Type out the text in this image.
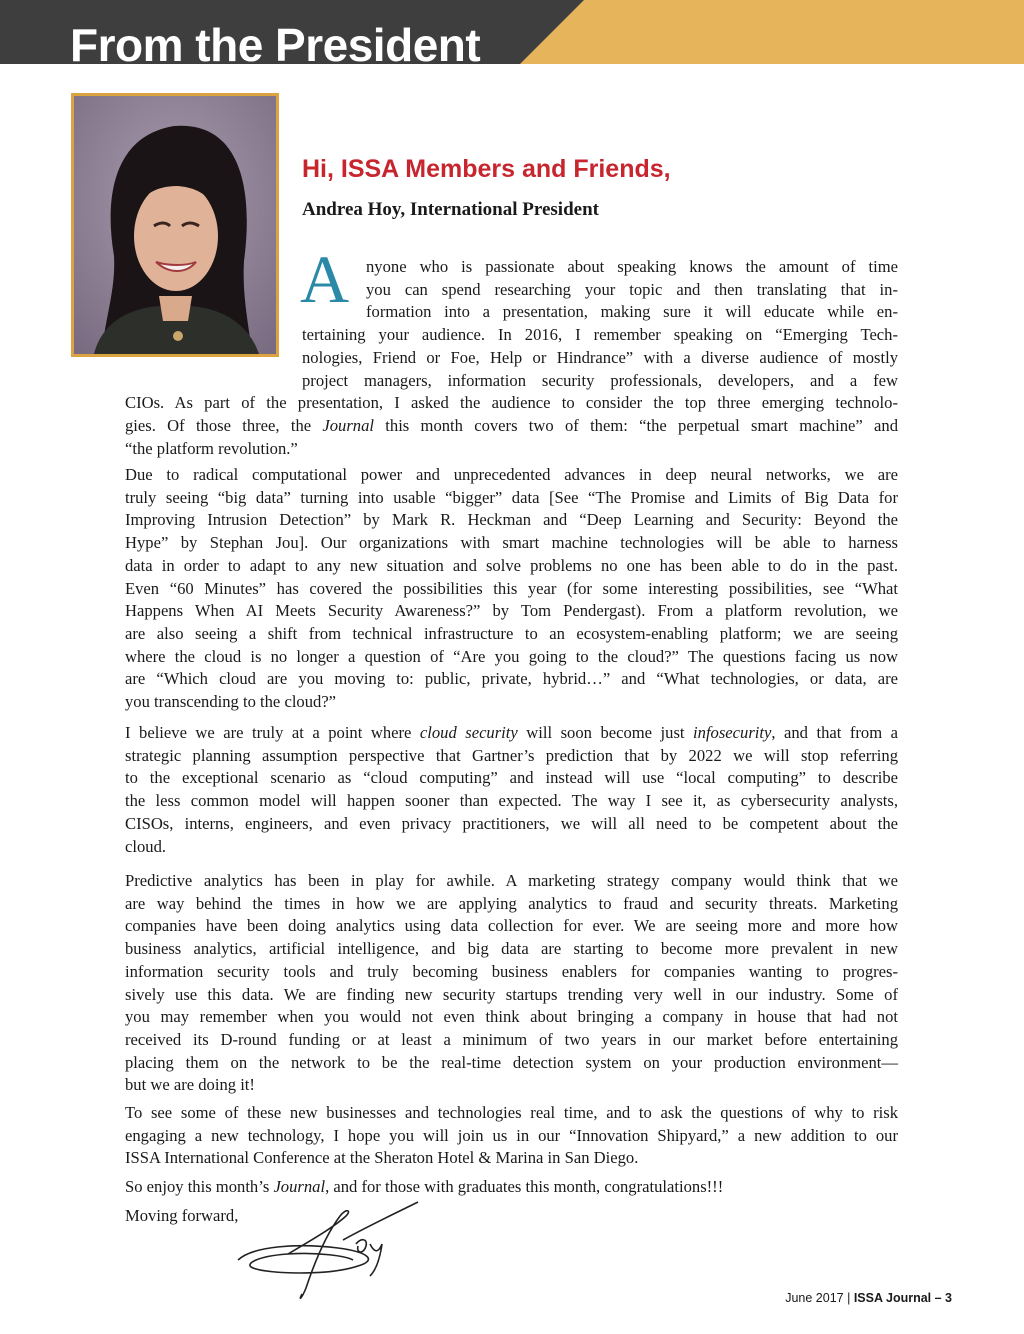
From the President
Hi, ISSA Members and Friends,

Andrea Hoy, International President

A nyone who is passionate about speaking knows the amount of time
you can spend researching your topic and then translating that in-
formation into a presentation, making sure it will educate while en-
tertaining your audience. In 2016, I remember speaking on “Emerging Tech-
nologies, Friend or Foe, Help or Hindrance” with a diverse audience of mostly
project managers, information security professionals, developers, and a few
CIOs. As part of the presentation, I asked the audience to consider the top three emerging technolo-
gies. Of those three, the Journal this month covers two of them: “the perpetual smart machine” and
“the platform revolution.”
Due to radical computational power and unprecedented advances in deep neural networks, we are
truly seeing “big data” turning into usable “bigger” data [See “The Promise and Limits of Big Data for
Improving Intrusion Detection” by Mark R. Heckman and “Deep Learning and Security: Beyond the
Hype” by Stephan Jou]. Our organizations with smart machine technologies will be able to harness
data in order to adapt to any new situation and solve problems no one has been able to do in the past.
Even “60 Minutes” has covered the possibilities this year (for some interesting possibilities, see “What
Happens When AI Meets Security Awareness?” by Tom Pendergast). From a platform revolution, we
are also seeing a shift from technical infrastructure to an ecosystem-enabling platform; we are seeing
where the cloud is no longer a question of “Are you going to the cloud?” The questions facing us now
are “Which cloud are you moving to: public, private, hybrid…” and “What technologies, or data, are
you transcending to the cloud?”
I believe we are truly at a point where cloud security will soon become just infosecurity, and that from a
strategic planning assumption perspective that Gartner’s prediction that by 2022 we will stop referring
to the exceptional scenario as “cloud computing” and instead will use “local computing” to describe
the less common model will happen sooner than expected. The way I see it, as cybersecurity analysts,
CISOs, interns, engineers, and even privacy practitioners, we will all need to be competent about the
cloud.
Predictive analytics has been in play for awhile. A marketing strategy company would think that we
are way behind the times in how we are applying analytics to fraud and security threats. Marketing
companies have been doing analytics using data collection for ever. We are seeing more and more how
business analytics, artificial intelligence, and big data are starting to become more prevalent in new
information security tools and truly becoming business enablers for companies wanting to progres-
sively use this data. We are finding new security startups trending very well in our industry. Some of
you may remember when you would not even think about bringing a company in house that had not
received its D-round funding or at least a minimum of two years in our market before entertaining
placing them on the network to be the real-time detection system on your production environment—
but we are doing it!
To see some of these new businesses and technologies real time, and to ask the questions of why to risk
engaging a new technology, I hope you will join us in our “Innovation Shipyard,” a new addition to our
ISSA International Conference at the Sheraton Hotel & Marina in San Diego.
So enjoy this month’s Journal, and for those with graduates this month, congratulations!!!
Moving forward,
June 2017 | ISSA Journal – 3
